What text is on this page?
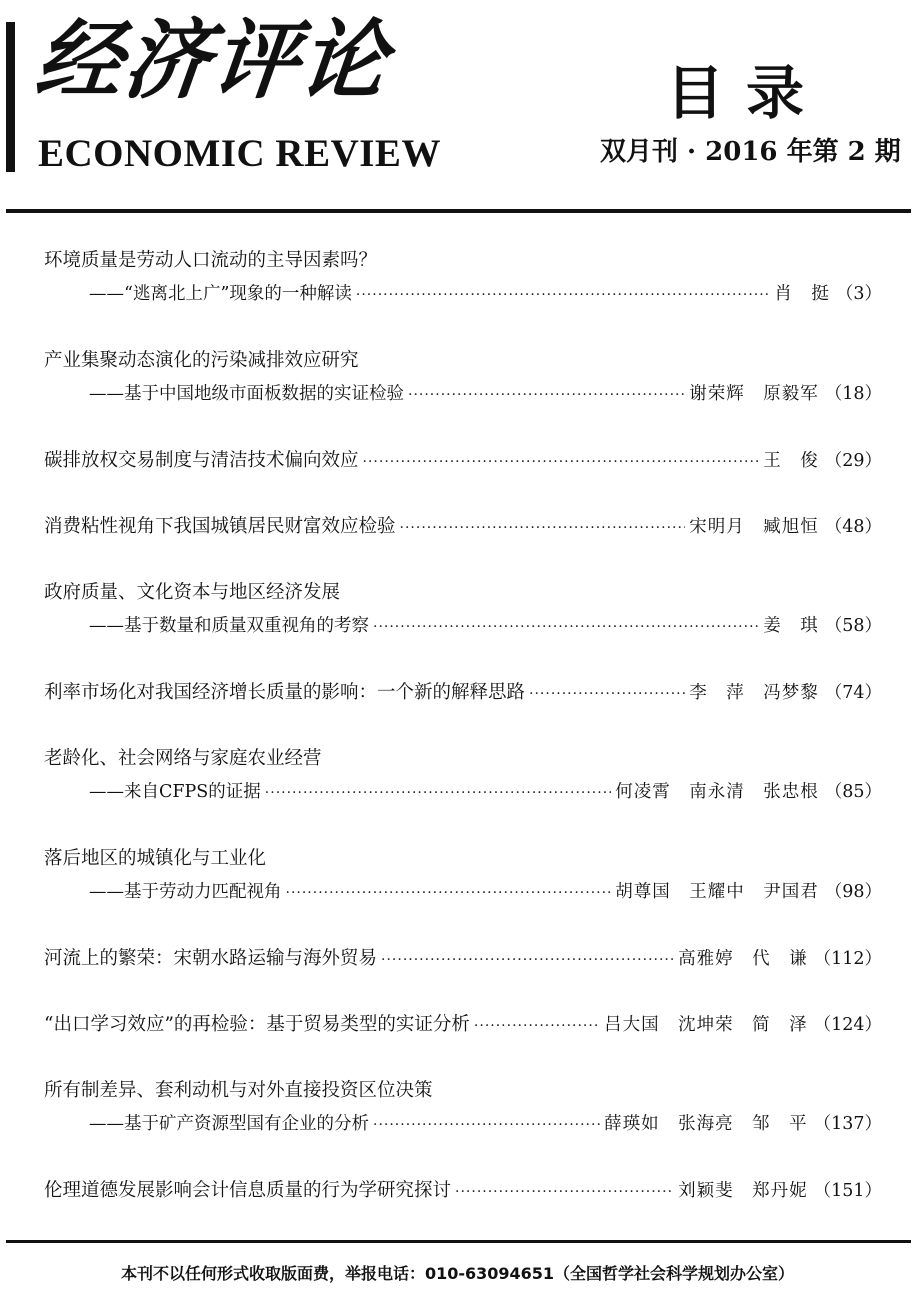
经济评论
ECONOMIC REVIEW
目录
双月刊 · 2016 年第 2 期
环境质量是劳动人口流动的主导因素吗？
——“逃离北上广”现象的一种解读 ·····	肖　挺 （3）
产业集聚动态演化的污染减排效应研究
——基于中国地级市面板数据的实证检验 ·····	谢荣辉　原毅军 （18）
碳排放权交易制度与清洁技术偏向效应 ·····	王　俊 （29）
消费粘性视角下我国城镇居民财富效应检验 ·····	宋明月　臧旭恒 （48）
政府质量、文化资本与地区经济发展
——基于数量和质量双重视角的考察 ·····	姜　琪 （58）
利率市场化对我国经济增长质量的影响：一个新的解释思路 ·····	李　萍　冯梦黎 （74）
老龄化、社会网络与家庭农业经营
——来自CFPS的证据 ·····	何凌霄　南永清　张忠根 （85）
落后地区的城镇化与工业化
——基于劳动力匹配视角 ·····	胡尊国　王耀中　尹国君 （98）
河流上的繁荣：宋朝水路运输与海外贸易 ·····	高雅婷　代　谦 （112）
“出口学习效应”的再检验：基于贸易类型的实证分析 ·····	吕大国　沈坤荣　简　泽 （124）
所有制差异、套利动机与对外直接投资区位决策
——基于矿产资源型国有企业的分析 ·····	薛瑛如　张海亮　邹　平 （137）
伦理道德发展影响会计信息质量的行为学研究探讨 ·····	刘颖斐　郑丹妮 （151）
本刊不以任何形式收取版面费，举报电话：010-63094651（全国哲学社会科学规划办公室）
